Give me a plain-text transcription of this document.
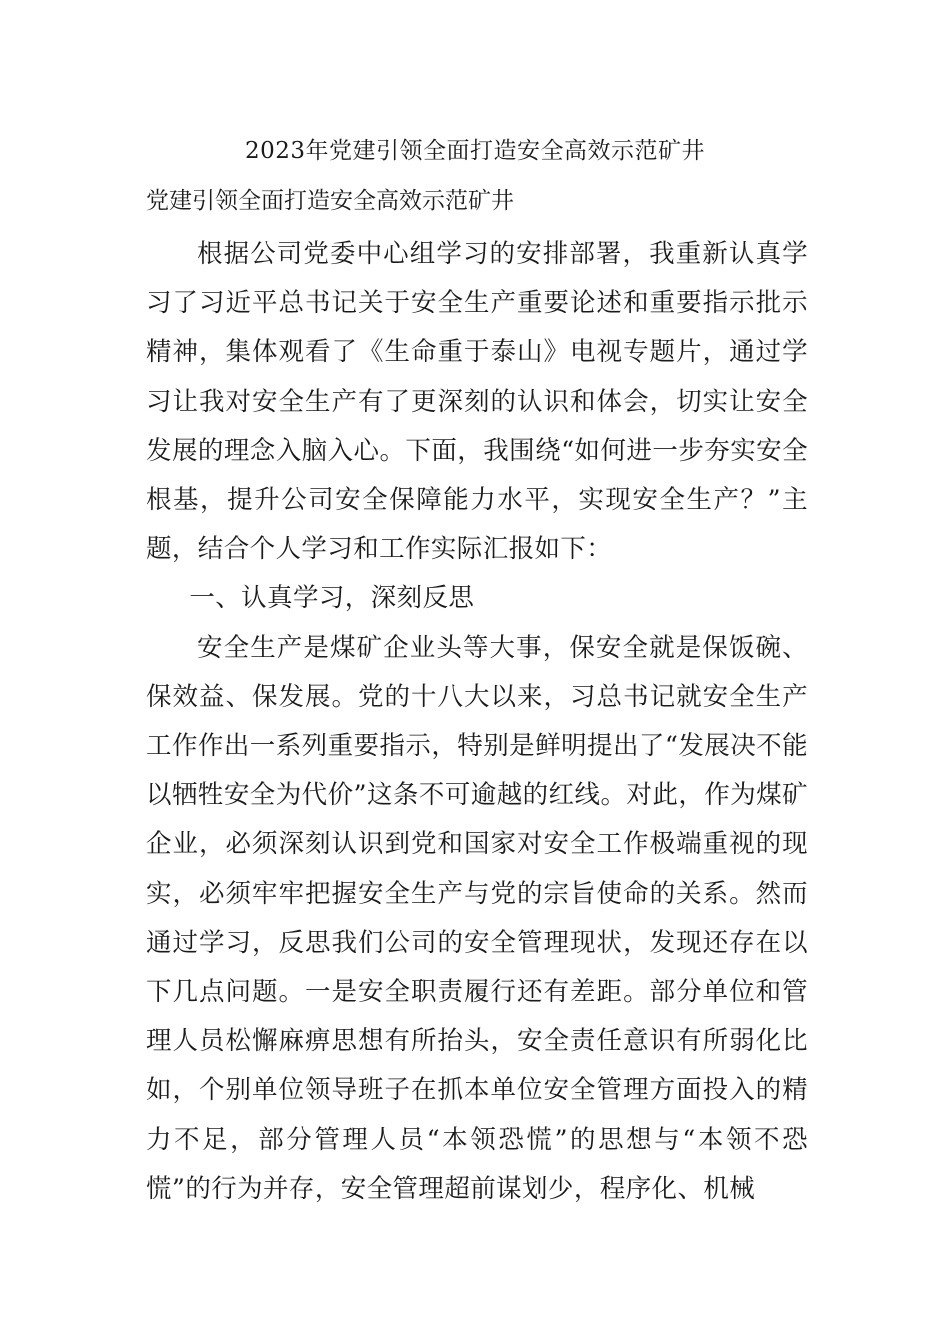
2023年党建引领全面打造安全高效示范矿井
党建引领全面打造安全高效示范矿井

根据公司党委中心组学习的安排部署，我重新认真学习了习近平总书记关于安全生产重要论述和重要指示批示精神，集体观看了《生命重于泰山》电视专题片，通过学习让我对安全生产有了更深刻的认识和体会，切实让安全发展的理念入脑入心。下面，我围绕“如何进一步夯实安全根基，提升公司安全保障能力水平，实现安全生产？”主题，结合个人学习和工作实际汇报如下：

一、认真学习，深刻反思

安全生产是煤矿企业头等大事，保安全就是保饭碗、保效益、保发展。党的十八大以来，习总书记就安全生产工作作出一系列重要指示，特别是鲜明提出了“发展决不能以牺牲安全为代价”这条不可逾越的红线。对此，作为煤矿企业，必须深刻认识到党和国家对安全工作极端重视的现实，必须牢牢把握安全生产与党的宗旨使命的关系。然而通过学习，反思我们公司的安全管理现状，发现还存在以下几点问题。一是安全职责履行还有差距。部分单位和管理人员松懈麻痹思想有所抬头，安全责任意识有所弱化比如，个别单位领导班子在抓本单位安全管理方面投入的精力不足，部分管理人员“本领恐慌”的思想与“本领不恐慌”的行为并存，安全管理超前谋划少，程序化、机械
